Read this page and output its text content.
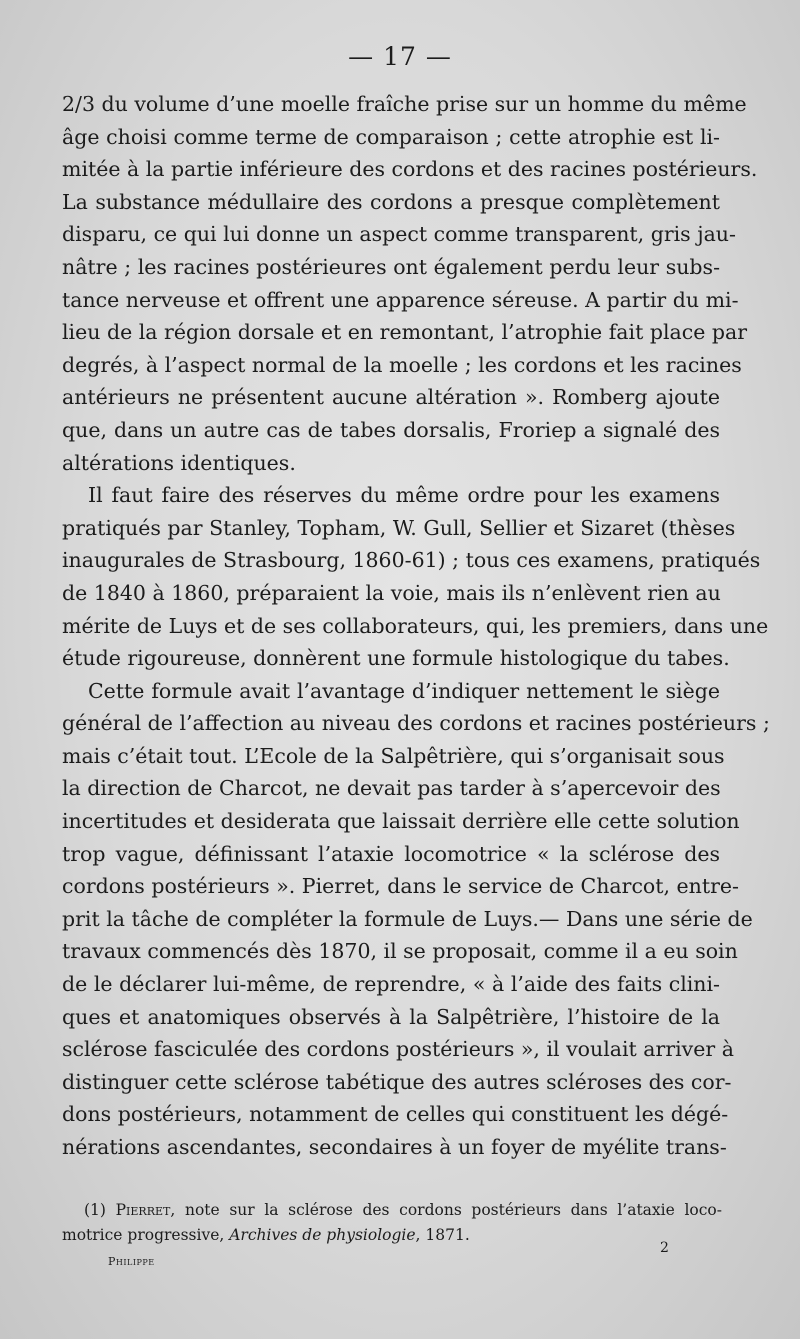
— 17 —
2/3 du volume d’une moelle fraîche prise sur un homme du même
âge choisi comme terme de comparaison ; cette atrophie est li-
mitée à la partie inférieure des cordons et des racines postérieurs.
La substance médullaire des cordons a presque complètement
disparu, ce qui lui donne un aspect comme transparent, gris jau-
nâtre ; les racines postérieures ont également perdu leur subs-
tance nerveuse et offrent une apparence séreuse. A partir du mi-
lieu de la région dorsale et en remontant, l’atrophie fait place par
degrés, à l’aspect normal de la moelle ; les cordons et les racines
antérieurs ne présentent aucune altération ». Romberg ajoute
que, dans un autre cas de tabes dorsalis, Froriep a signalé des
altérations identiques.
Il faut faire des réserves du même ordre pour les examens
pratiqués par Stanley, Topham, W. Gull, Sellier et Sizaret (thèses
inaugurales de Strasbourg, 1860-61) ; tous ces examens, pratiqués
de 1840 à 1860, préparaient la voie, mais ils n’enlèvent rien au
mérite de Luys et de ses collaborateurs, qui, les premiers, dans une
étude rigoureuse, donnèrent une formule histologique du tabes.
Cette formule avait l’avantage d’indiquer nettement le siège
général de l’affection au niveau des cordons et racines postérieurs ;
mais c’était tout. L’Ecole de la Salpêtrière, qui s’organisait sous
la direction de Charcot, ne devait pas tarder à s’apercevoir des
incertitudes et desiderata que laissait derrière elle cette solution
trop vague, définissant l’ataxie locomotrice « la sclérose des
cordons postérieurs ». Pierret, dans le service de Charcot, entre-
prit la tâche de compléter la formule de Luys.— Dans une série de
travaux commencés dès 1870, il se proposait, comme il a eu soin
de le déclarer lui-même, de reprendre, « à l’aide des faits clini-
ques et anatomiques observés à la Salpêtrière, l’histoire de la
sclérose fasciculée des cordons postérieurs », il voulait arriver à
distinguer cette sclérose tabétique des autres scléroses des cor-
dons postérieurs, notamment de celles qui constituent les dégé-
nérations ascendantes, secondaires à un foyer de myélite trans-
(1) Pierret, note sur la sclérose des cordons postérieurs dans l’ataxie loco-
motrice progressive, Archives de physiologie, 1871.
Philippe
2
